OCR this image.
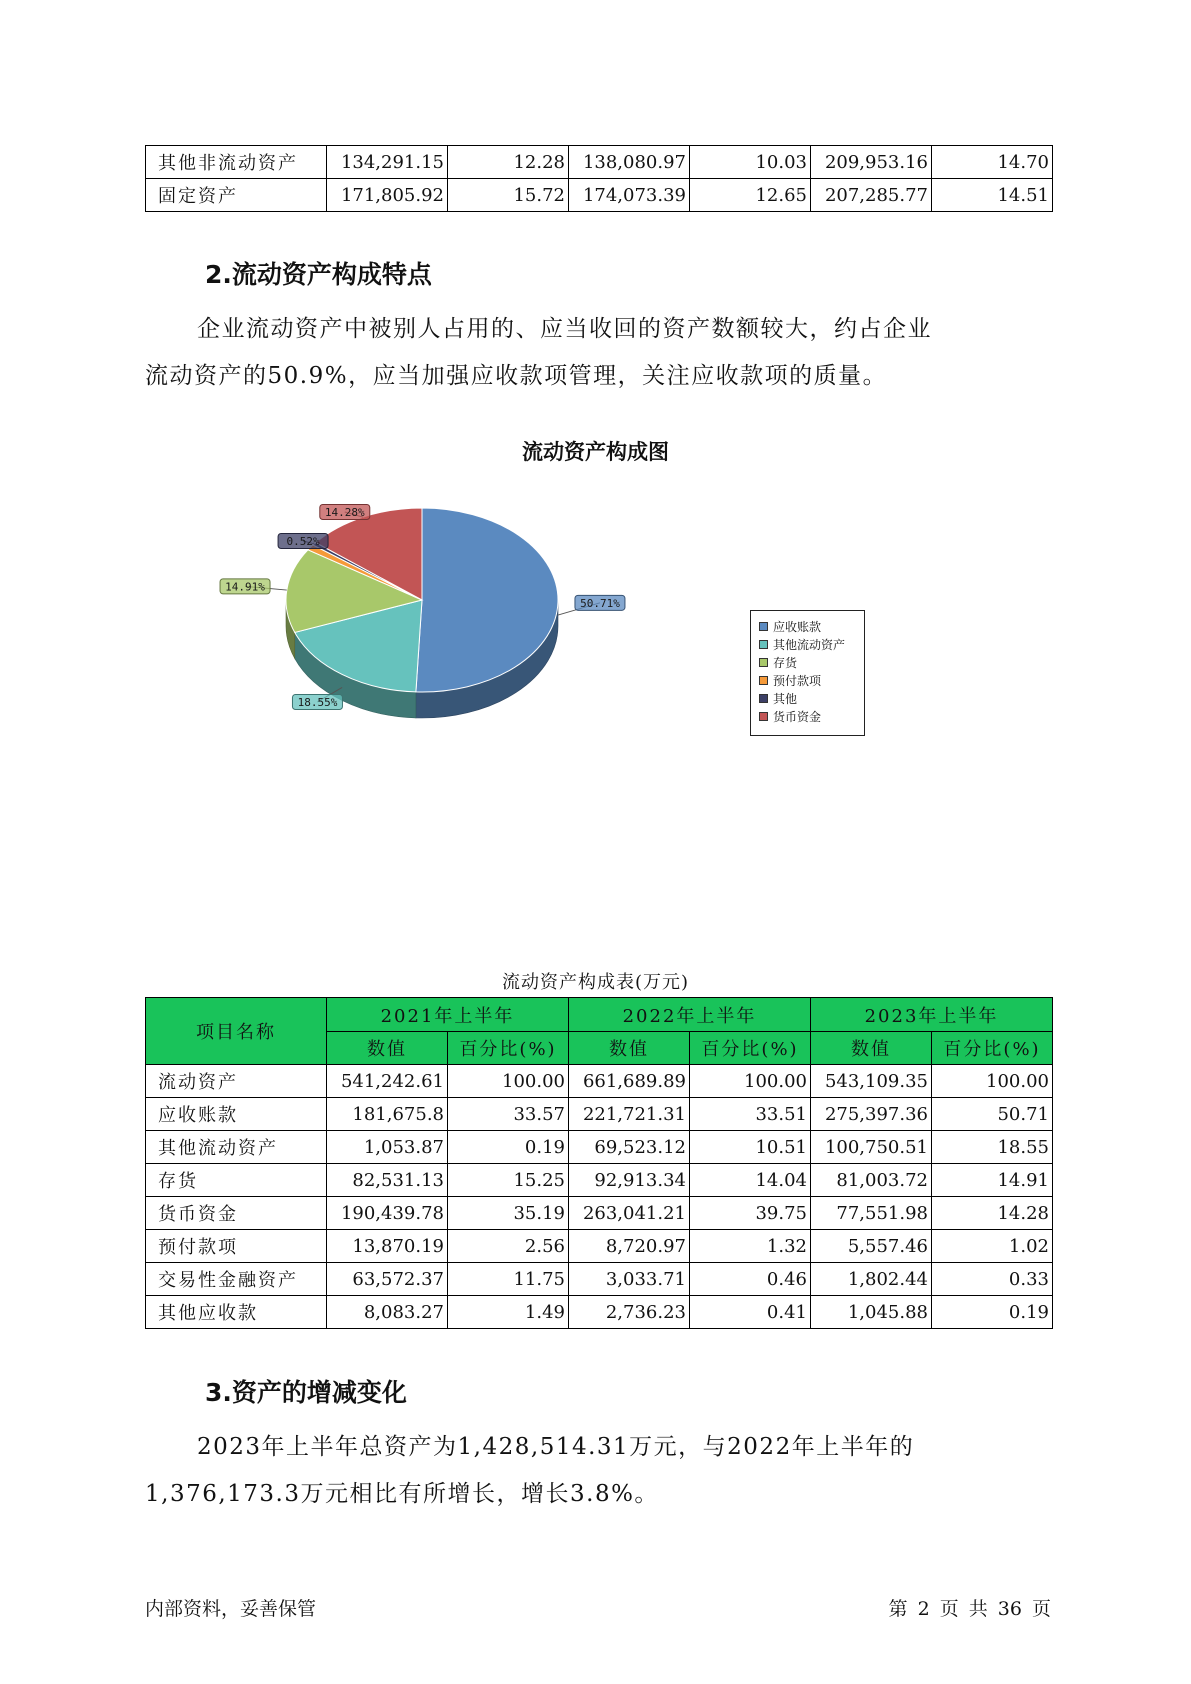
其他非流动资产	134,291.15	12.28	138,080.97	10.03	209,953.16	14.70
固定资产	171,805.92	15.72	174,073.39	12.65	207,285.77	14.51
2.流动资产构成特点
企业流动资产中被别人占用的、应当收回的资产数额较大，约占企业
流动资产的50.9%，应当加强应收款项管理，关注应收款项的质量。
流动资产构成图
50.71%
18.55%
14.91%
0.52%
14.28%
应收账款
其他流动资产
存货
预付款项
其他
货币资金
流动资产构成表(万元)
项目名称	2021年上半年		2022年上半年		2023年上半年	
	数值	百分比(%)	数值	百分比(%)	数值	百分比(%)
流动资产	541,242.61	100.00	661,689.89	100.00	543,109.35	100.00
应收账款	181,675.8	33.57	221,721.31	33.51	275,397.36	50.71
其他流动资产	1,053.87	0.19	69,523.12	10.51	100,750.51	18.55
存货	82,531.13	15.25	92,913.34	14.04	81,003.72	14.91
货币资金	190,439.78	35.19	263,041.21	39.75	77,551.98	14.28
预付款项	13,870.19	2.56	8,720.97	1.32	5,557.46	1.02
交易性金融资产	63,572.37	11.75	3,033.71	0.46	1,802.44	0.33
其他应收款	8,083.27	1.49	2,736.23	0.41	1,045.88	0.19
3.资产的增减变化
2023年上半年总资产为1,428,514.31万元，与2022年上半年的
1,376,173.3万元相比有所增长，增长3.8%。
内部资料，妥善保管	第 2 页 共 36 页
